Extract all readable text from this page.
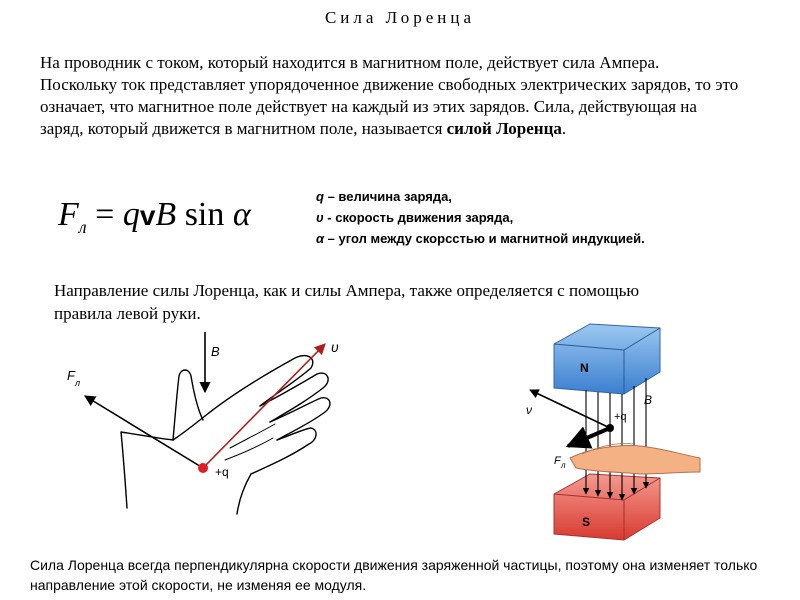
Сила Лоренца
На проводник с током, который находится в магнитном поле, действует сила Ампера. Поскольку ток представляет упорядоченное движение свободных электрических зарядов, то это означает, что магнитное поле действует на каждый из этих зарядов. Сила, действующая на заряд, который движется в магнитном поле, называется силой Лоренца.
$F_л$ = qvB sin α	q – величина заряда,
υ - скорость движения заряда,
α – угол между скорсстью и магнитной индукцией.
Направление силы Лоренца, как и силы Ампера, также определяется с помощью правила левой руки.
B	υ
F л
+q
N
S
ν
B
F л
+q
Сила Лоренца всегда перпендикулярна скорости движения заряженной частицы, поэтому она изменяет только направление этой скорости, не изменяя ее модуля.
